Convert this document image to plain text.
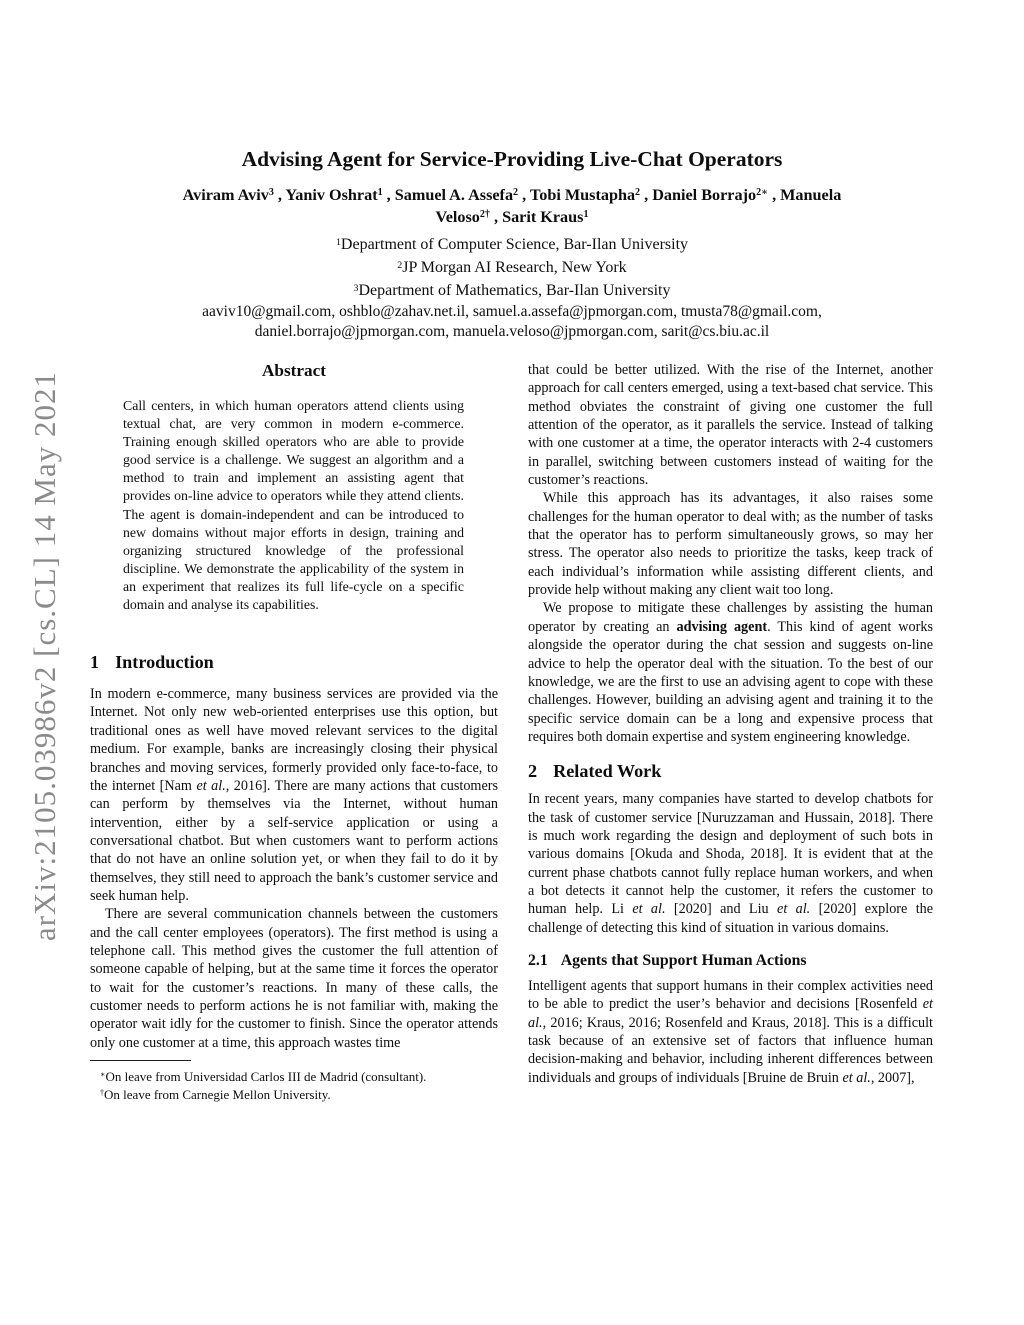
arXiv:2105.03986v2 [cs.CL] 14 May 2021
Advising Agent for Service-Providing Live-Chat Operators

Aviram Aviv$^3$ , Yaniv Oshrat$^1$ , Samuel A. Assefa$^2$ , Tobi Mustapha$^2$ , Daniel Borrajo$^{2∗}$ , Manuela

Veloso$^{2\dagger}$ , Sarit Kraus$^1$

$^1$Department of Computer Science, Bar-Ilan University

$^2$JP Morgan AI Research, New York

$^3$Department of Mathematics, Bar-Ilan University

aaviv10@gmail.com, oshblo@zahav.net.il, samuel.a.assefa@jpmorgan.com, tmusta78@gmail.com,

daniel.borrajo@jpmorgan.com, manuela.veloso@jpmorgan.com, sarit@cs.biu.ac.il

Abstract

Call centers, in which human operators attend clients using textual chat, are very common in modern e-commerce. Training enough skilled operators who are able to provide good service is a challenge. We suggest an algorithm and a method to train and implement an assisting agent that provides on-line advice to operators while they attend clients. The agent is domain-independent and can be introduced to new domains without major efforts in design, training and organizing structured knowledge of the professional discipline. We demonstrate the applicability of the system in an experiment that realizes its full life-cycle on a specific domain and analyse its capabilities.

1 Introduction

In modern e-commerce, many business services are provided via the Internet. Not only new web-oriented enterprises use this option, but traditional ones as well have moved relevant services to the digital medium. For example, banks are increasingly closing their physical branches and moving services, formerly provided only face-to-face, to the internet [Nam et al., 2016]. There are many actions that customers can perform by themselves via the Internet, without human intervention, either by a self-service application or using a conversational chatbot. But when customers want to perform actions that do not have an online solution yet, or when they fail to do it by themselves, they still need to approach the bank’s customer service and seek human help.

There are several communication channels between the customers and the call center employees (operators). The first method is using a telephone call. This method gives the customer the full attention of someone capable of helping, but at the same time it forces the operator to wait for the customer’s reactions. In many of these calls, the customer needs to perform actions he is not familiar with, making the operator wait idly for the customer to finish. Since the operator attends only one customer at a time, this approach wastes time

∗On leave from Universidad Carlos III de Madrid (consultant).

†On leave from Carnegie Mellon University.

that could be better utilized. With the rise of the Internet, another approach for call centers emerged, using a text-based chat service. This method obviates the constraint of giving one customer the full attention of the operator, as it parallels the service. Instead of talking with one customer at a time, the operator interacts with 2-4 customers in parallel, switching between customers instead of waiting for the customer’s reactions.

While this approach has its advantages, it also raises some challenges for the human operator to deal with; as the number of tasks that the operator has to perform simultaneously grows, so may her stress. The operator also needs to prioritize the tasks, keep track of each individual’s information while assisting different clients, and provide help without making any client wait too long.

We propose to mitigate these challenges by assisting the human operator by creating an advising agent. This kind of agent works alongside the operator during the chat session and suggests on-line advice to help the operator deal with the situation. To the best of our knowledge, we are the first to use an advising agent to cope with these challenges. However, building an advising agent and training it to the specific service domain can be a long and expensive process that requires both domain expertise and system engineering knowledge.

2 Related Work

In recent years, many companies have started to develop chatbots for the task of customer service [Nuruzzaman and Hussain, 2018]. There is much work regarding the design and deployment of such bots in various domains [Okuda and Shoda, 2018]. It is evident that at the current phase chatbots cannot fully replace human workers, and when a bot detects it cannot help the customer, it refers the customer to human help. Li et al. [2020] and Liu et al. [2020] explore the challenge of detecting this kind of situation in various domains.

2.1 Agents that Support Human Actions

Intelligent agents that support humans in their complex activities need to be able to predict the user’s behavior and decisions [Rosenfeld et al., 2016; Kraus, 2016; Rosenfeld and Kraus, 2018]. This is a difficult task because of an extensive set of factors that influence human decision-making and behavior, including inherent differences between individuals and groups of individuals [Bruine de Bruin et al., 2007],
